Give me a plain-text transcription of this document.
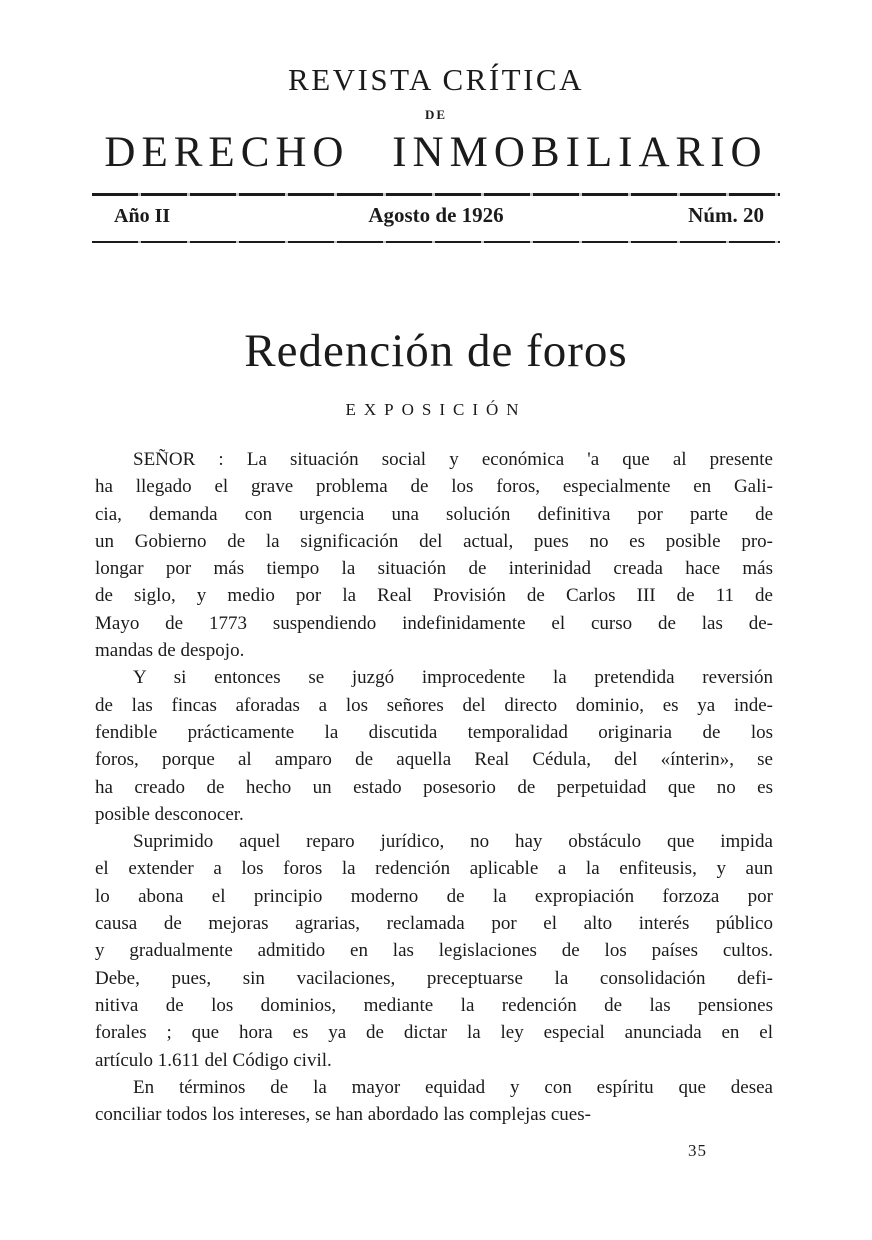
REVISTA CRÍTICA
DE
DERECHO INMOBILIARIO
Año II	Agosto de 1926	Núm. 20
Redención de foros
EXPOSICIÓN
SEÑOR : La situación social y económica 'a que al presente
ha llegado el grave problema de los foros, especialmente en Gali-
cia, demanda con urgencia una solución definitiva por parte de
un Gobierno de la significación del actual, pues no es posible pro-
longar por más tiempo la situación de interinidad creada hace más
de siglo, y medio por la Real Provisión de Carlos III de 11 de
Mayo de 1773 suspendiendo indefinidamente el curso de las de-
mandas de despojo.
Y si entonces se juzgó improcedente la pretendida reversión
de las fincas aforadas a los señores del directo dominio, es ya inde-
fendible prácticamente la discutida temporalidad originaria de los
foros, porque al amparo de aquella Real Cédula, del «ínterin», se
ha creado de hecho un estado posesorio de perpetuidad que no es
posible desconocer.
Suprimido aquel reparo jurídico, no hay obstáculo que impida
el extender a los foros la redención aplicable a la enfiteusis, y aun
lo abona el principio moderno de la expropiación forzoza por
causa de mejoras agrarias, reclamada por el alto interés público
y gradualmente admitido en las legislaciones de los países cultos.
Debe, pues, sin vacilaciones, preceptuarse la consolidación defi-
nitiva de los dominios, mediante la redención de las pensiones
forales ; que hora es ya de dictar la ley especial anunciada en el
artículo 1.611 del Código civil.
En términos de la mayor equidad y con espíritu que desea
conciliar todos los intereses, se han abordado las complejas cues-
35
